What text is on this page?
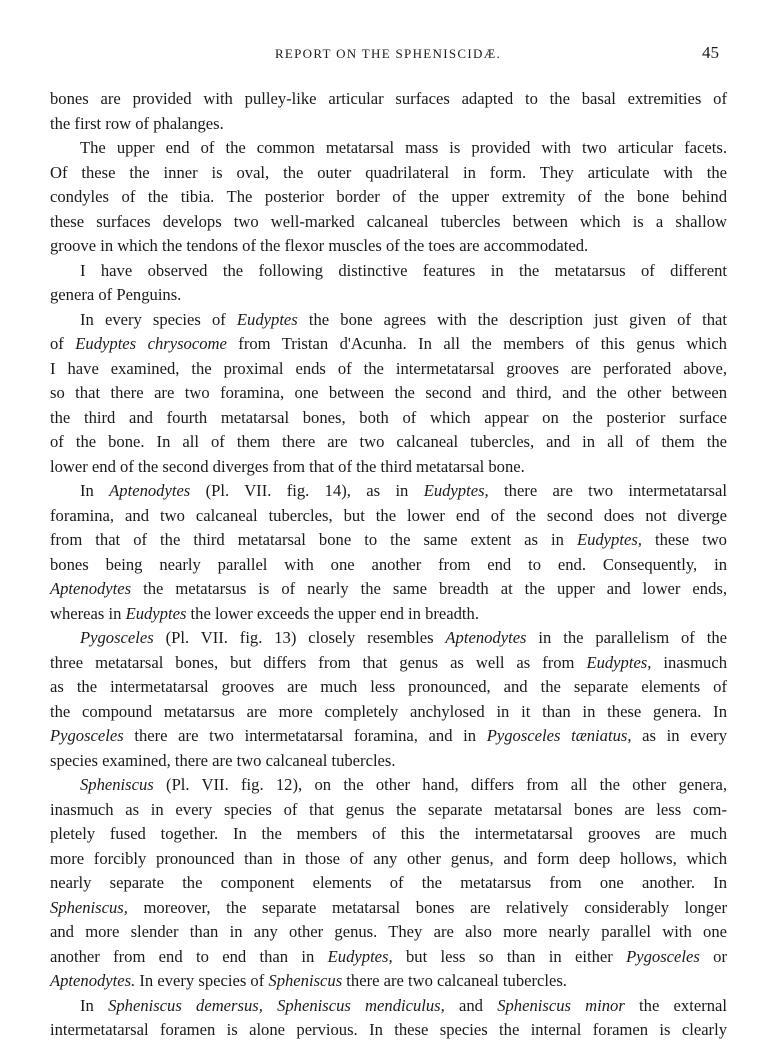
REPORT ON THE SPHENISCIDÆ.	45
bones are provided with pulley-like articular surfaces adapted to the basal extremities of
the first row of phalanges.
The upper end of the common metatarsal mass is provided with two articular facets.
Of these the inner is oval, the outer quadrilateral in form. They articulate with the
condyles of the tibia. The posterior border of the upper extremity of the bone behind
these surfaces develops two well-marked calcaneal tubercles between which is a shallow
groove in which the tendons of the flexor muscles of the toes are accommodated.
I have observed the following distinctive features in the metatarsus of different
genera of Penguins.
In every species of Eudyptes the bone agrees with the description just given of that
of Eudyptes chrysocome from Tristan d'Acunha. In all the members of this genus which
I have examined, the proximal ends of the intermetatarsal grooves are perforated above,
so that there are two foramina, one between the second and third, and the other between
the third and fourth metatarsal bones, both of which appear on the posterior surface
of the bone. In all of them there are two calcaneal tubercles, and in all of them the
lower end of the second diverges from that of the third metatarsal bone.
In Aptenodytes (Pl. VII. fig. 14), as in Eudyptes, there are two intermetatarsal
foramina, and two calcaneal tubercles, but the lower end of the second does not diverge
from that of the third metatarsal bone to the same extent as in Eudyptes, these two
bones being nearly parallel with one another from end to end. Consequently, in
Aptenodytes the metatarsus is of nearly the same breadth at the upper and lower ends,
whereas in Eudyptes the lower exceeds the upper end in breadth.
Pygosceles (Pl. VII. fig. 13) closely resembles Aptenodytes in the parallelism of the
three metatarsal bones, but differs from that genus as well as from Eudyptes, inasmuch
as the intermetatarsal grooves are much less pronounced, and the separate elements of
the compound metatarsus are more completely anchylosed in it than in these genera. In
Pygosceles there are two intermetatarsal foramina, and in Pygosceles tæniatus, as in every
species examined, there are two calcaneal tubercles.
Spheniscus (Pl. VII. fig. 12), on the other hand, differs from all the other genera,
inasmuch as in every species of that genus the separate metatarsal bones are less com-
pletely fused together. In the members of this the intermetatarsal grooves are much
more forcibly pronounced than in those of any other genus, and form deep hollows, which
nearly separate the component elements of the metatarsus from one another. In
Spheniscus, moreover, the separate metatarsal bones are relatively considerably longer
and more slender than in any other genus. They are also more nearly parallel with one
another from end to end than in Eudyptes, but less so than in either Pygosceles or
Aptenodytes. In every species of Spheniscus there are two calcaneal tubercles.
In Spheniscus demersus, Spheniscus mendiculus, and Spheniscus minor the external
intermetatarsal foramen is alone pervious. In these species the internal foramen is clearly
